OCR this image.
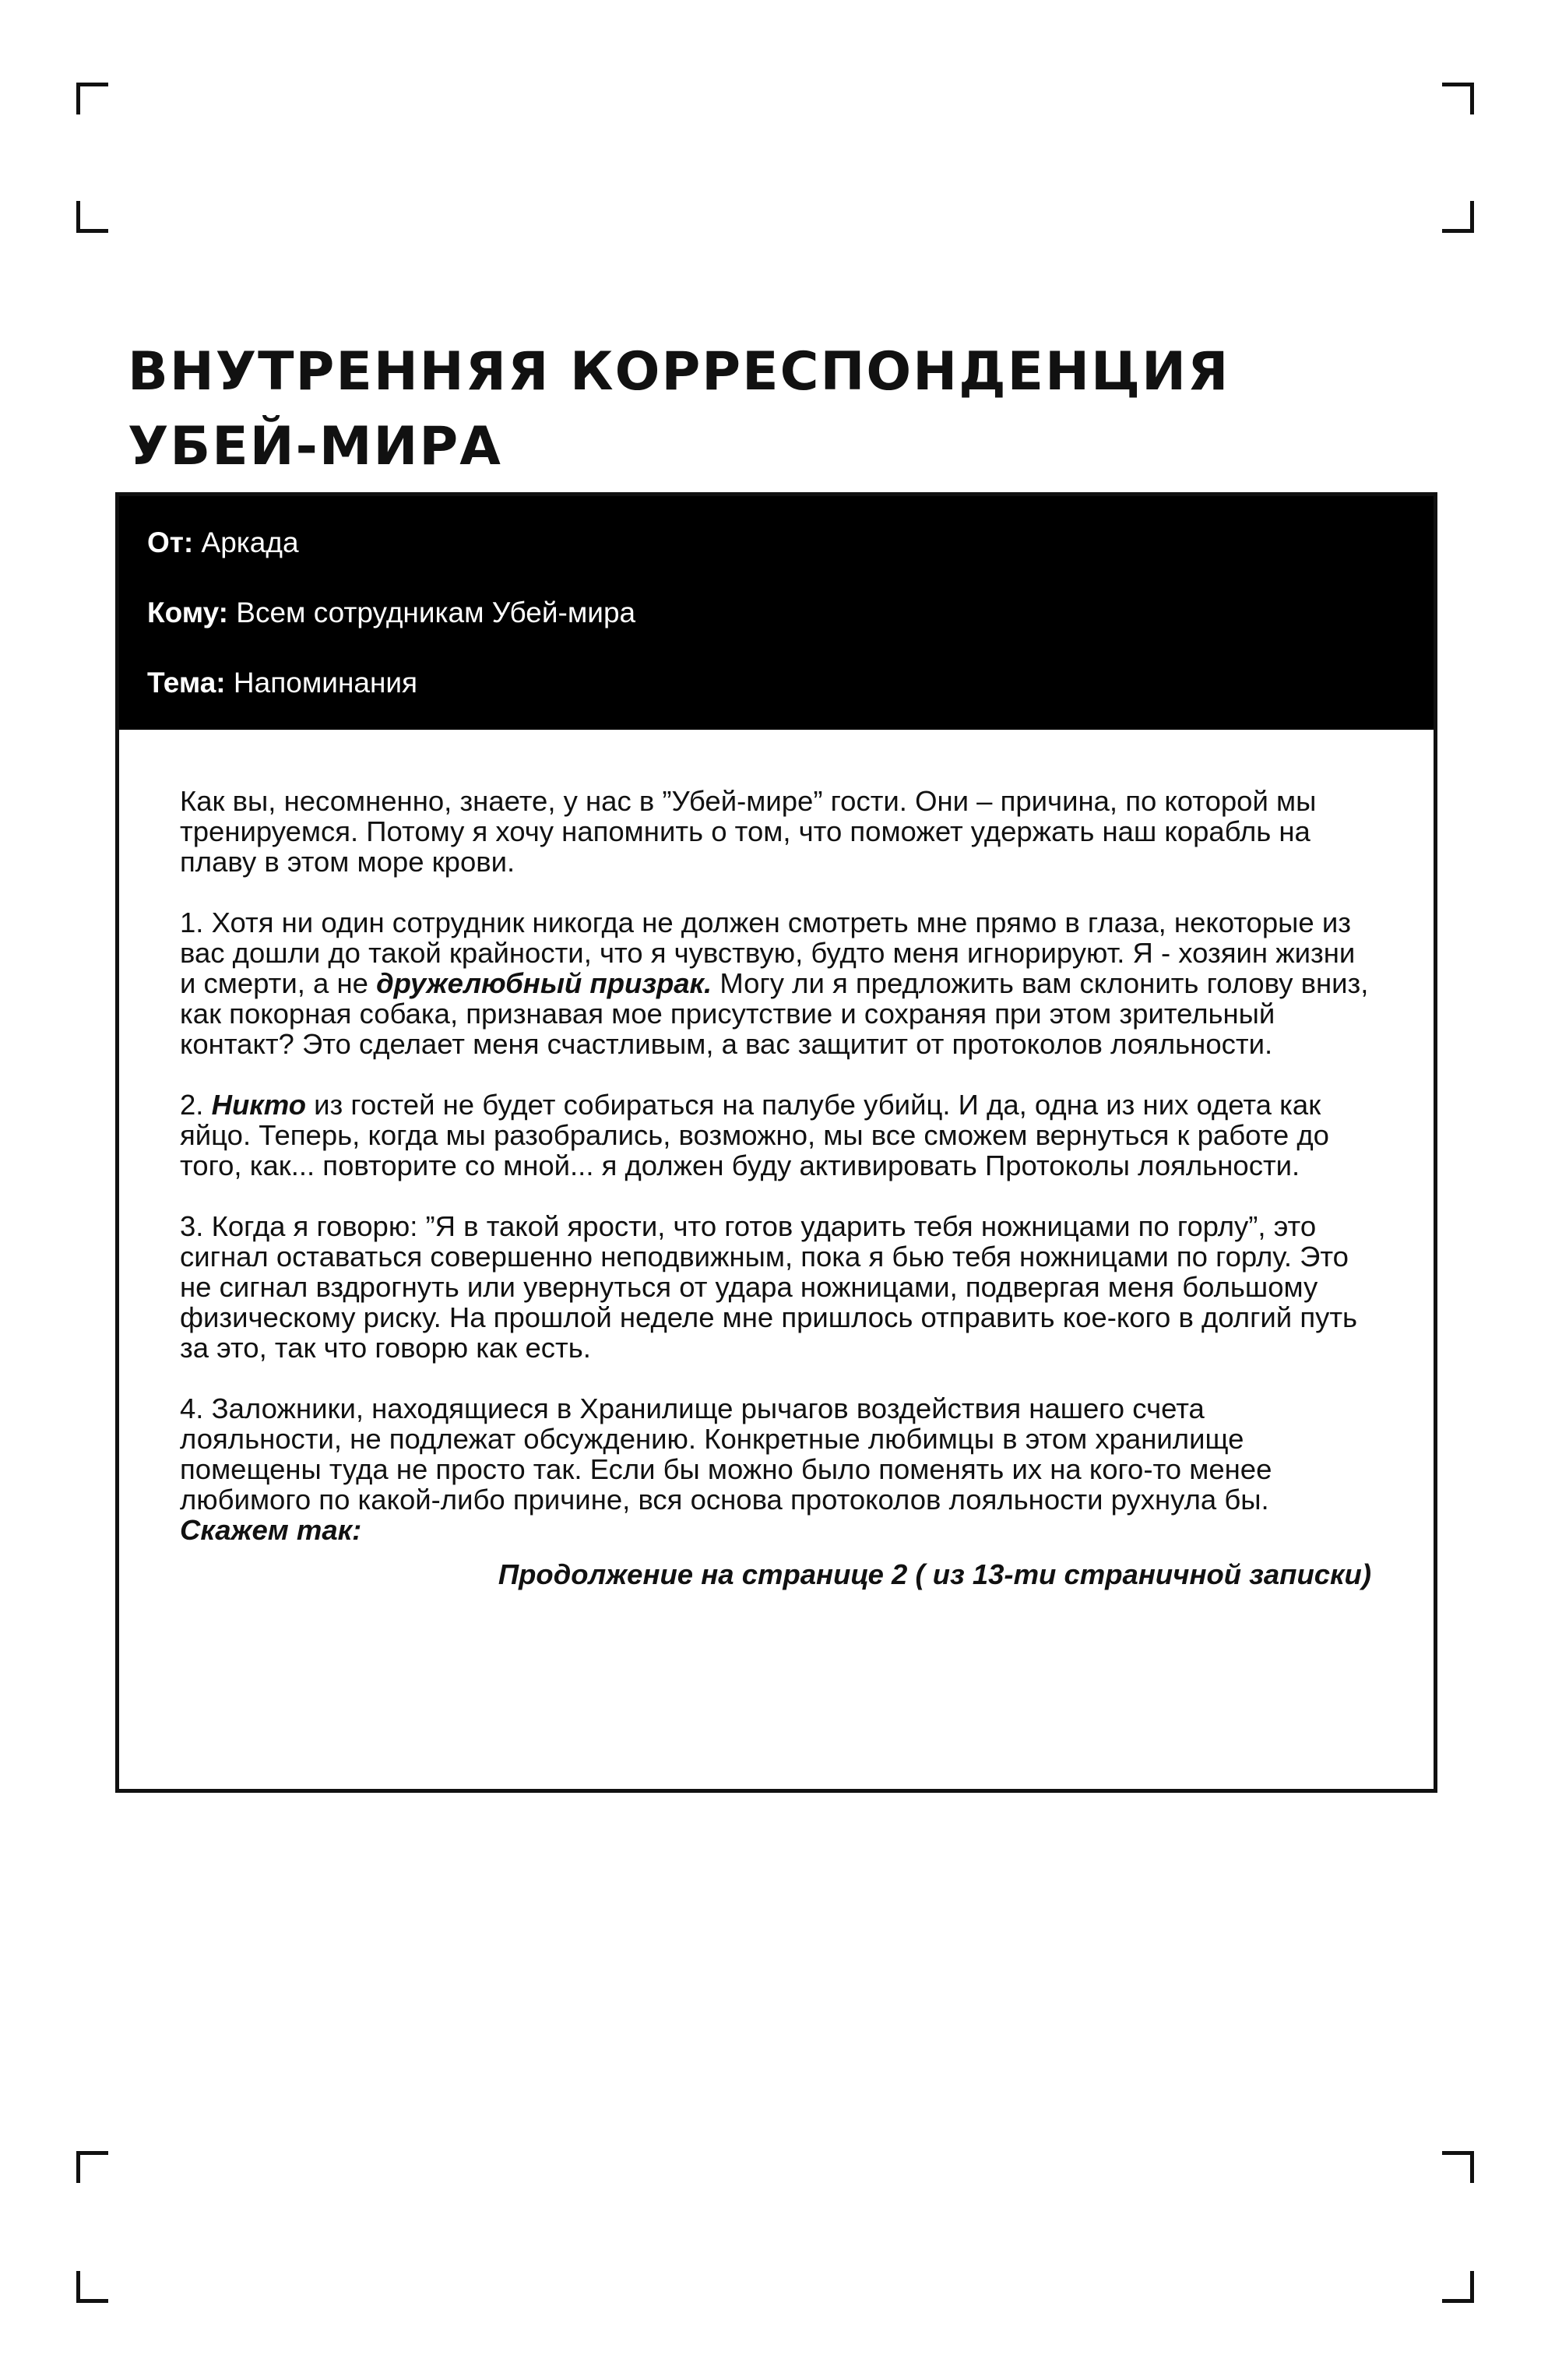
ВНУТРЕННЯЯ КОРРЕСПОНДЕНЦИЯ
УБЕЙ-МИРА
От: Аркада
Кому: Всем сотрудникам Убей-мира
Тема: Напоминания

Как вы, несомненно, знаете, у нас в ”Убей-мире” гости. Они – причина, по которой мы тренируемся. Потому я хочу напомнить о том, что поможет удержать наш корабль на плаву в этом море крови.

1. Хотя ни один сотрудник никогда не должен смотреть мне прямо в глаза, некоторые из вас дошли до такой крайности, что я чувствую, будто меня игнорируют. Я - хозяин жизни и смерти, а не дружелюбный призрак. Могу ли я предложить вам склонить голову вниз, как покорная собака, признавая мое присутствие и сохраняя при этом зрительный контакт? Это сделает меня счастливым, а вас защитит от протоколов лояльности.

2. Никто из гостей не будет собираться на палубе убийц. И да, одна из них одета как яйцо. Теперь, когда мы разобрались, возможно, мы все сможем вернуться к работе до того, как... повторите со мной... я должен буду активировать Протоколы лояльности.

3. Когда я говорю: ”Я в такой ярости, что готов ударить тебя ножницами по горлу”, это сигнал оставаться совершенно неподвижным, пока я бью тебя ножницами по горлу. Это не сигнал вздрогнуть или увернуться от удара ножницами, подвергая меня большому физическому риску. На прошлой неделе мне пришлось отправить кое-кого в долгий путь за это, так что говорю как есть.

4. Заложники, находящиеся в Хранилище рычагов воздействия нашего счета лояльности, не подлежат обсуждению. Конкретные любимцы в этом хранилище помещены туда не просто так. Если бы можно было поменять их на кого-то менее любимого по какой-либо причине, вся основа протоколов лояльности рухнула бы. Скажем так:

Продолжение на странице 2 ( из 13-ти страничной записки)
